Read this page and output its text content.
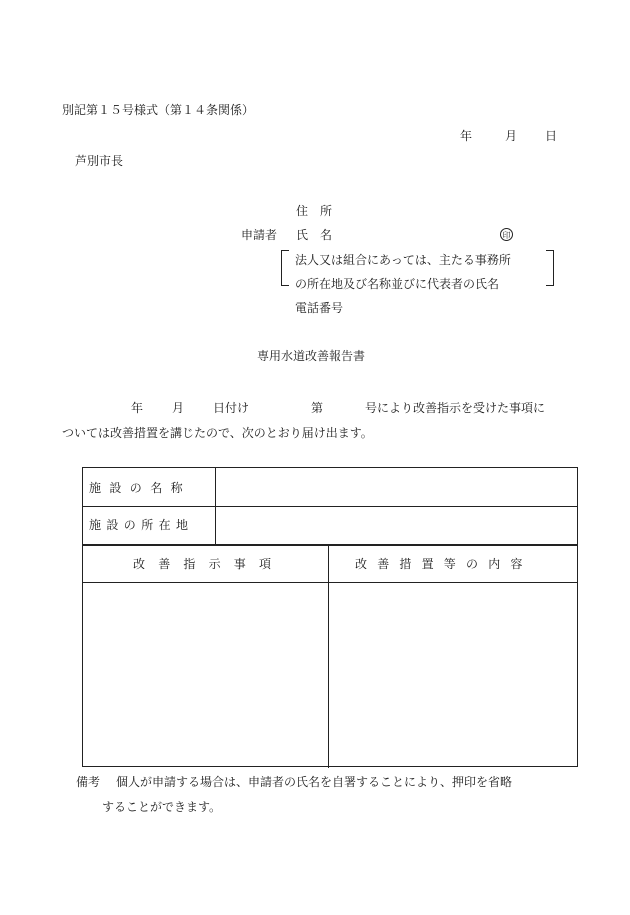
別記第１５号様式（第１４条関係）
年	月 日
芦別市長
住　所
申請者 氏　名	印
法人又は組合にあっては、主たる事務所
の所在地及び名称並びに代表者の氏名
電話番号
専用水道改善報告書
年 月 日付け	第	号により改善指示を受けた事項に
ついては改善措置を講じたので、次のとおり届け出ます。
施設の名称
施設の所在地
改善指示事項	改善措置等の内容
備考 個人が申請する場合は、申請者の氏名を自署することにより、押印を省略
することができます。
